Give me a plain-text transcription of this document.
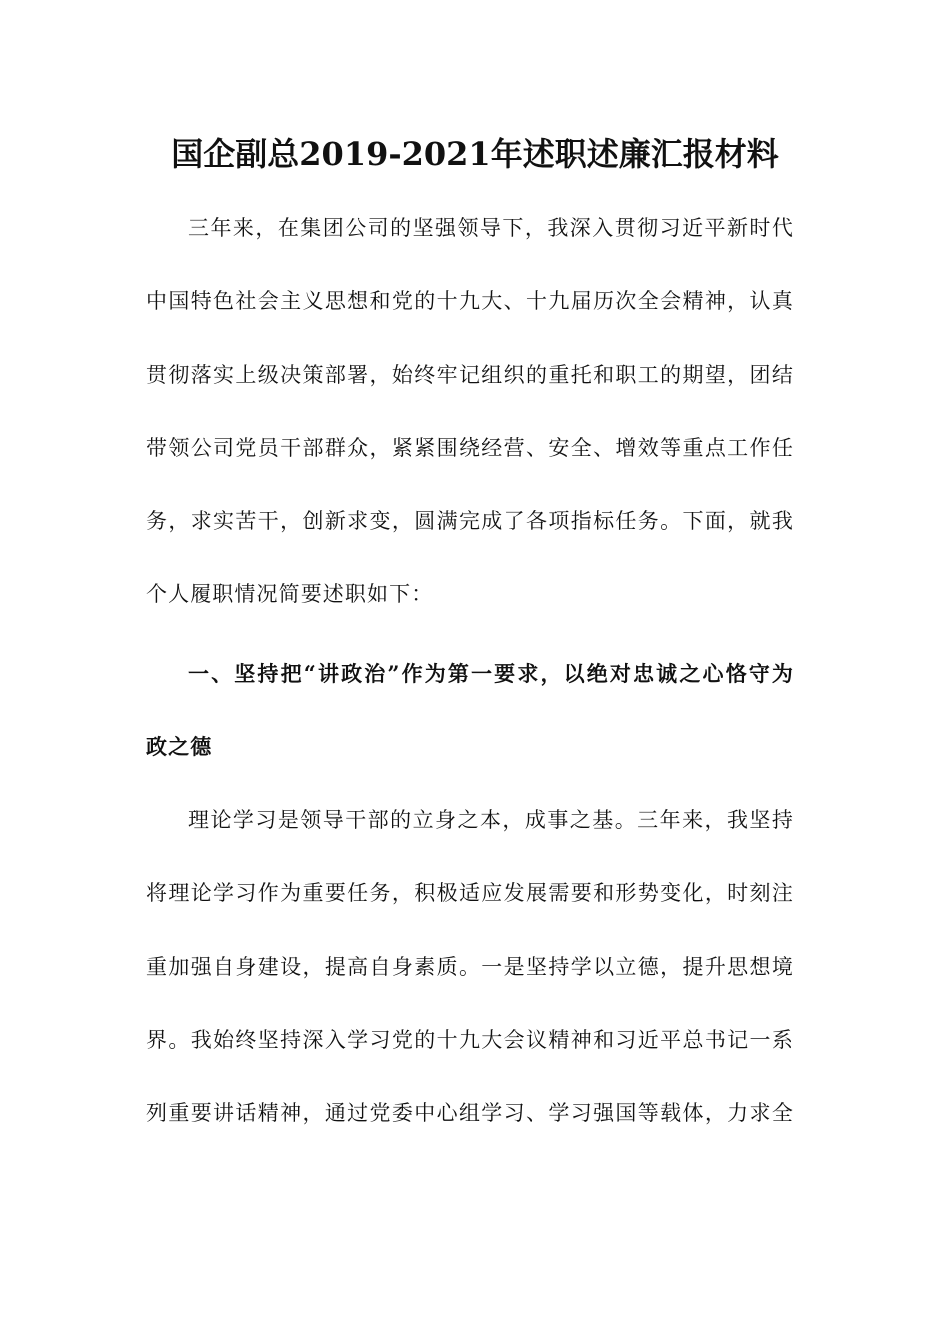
国企副总2019-2021年述职述廉汇报材料
三年来，在集团公司的坚强领导下，我深入贯彻习近平新时代
中国特色社会主义思想和党的十九大、十九届历次全会精神，认真
贯彻落实上级决策部署，始终牢记组织的重托和职工的期望，团结
带领公司党员干部群众，紧紧围绕经营、安全、增效等重点工作任
务，求实苦干，创新求变，圆满完成了各项指标任务。下面，就我
个人履职情况简要述职如下：
一、坚持把“讲政治”作为第一要求，以绝对忠诚之心恪守为
政之德
理论学习是领导干部的立身之本，成事之基。三年来，我坚持
将理论学习作为重要任务，积极适应发展需要和形势变化，时刻注
重加强自身建设，提高自身素质。一是坚持学以立德，提升思想境
界。我始终坚持深入学习党的十九大会议精神和习近平总书记一系
列重要讲话精神，通过党委中心组学习、学习强国等载体，力求全
